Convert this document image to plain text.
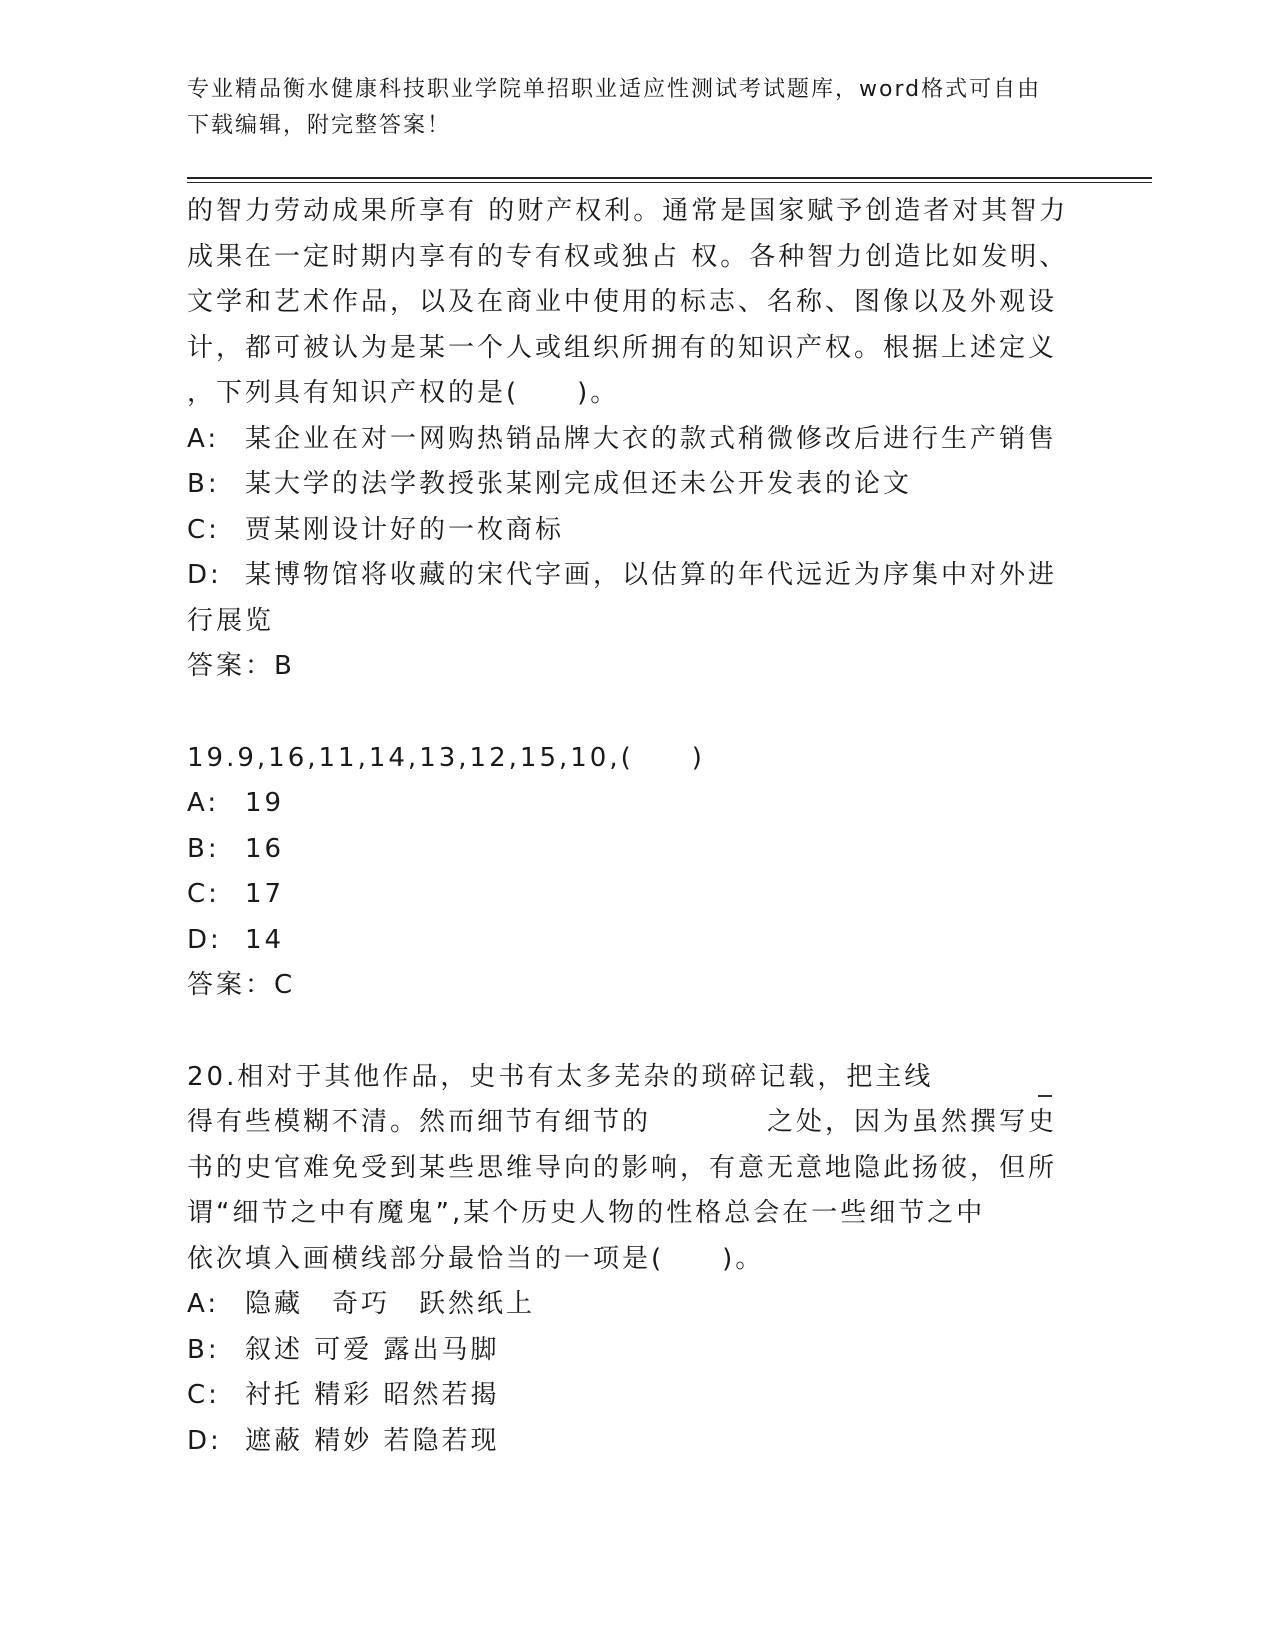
专业精品衡水健康科技职业学院单招职业适应性测试考试题库，word格式可自由
下载编辑，附完整答案！
的智力劳动成果所享有 的财产权利。通常是国家赋予创造者对其智力
成果在一定时期内享有的专有权或独占 权。各种智力创造比如发明、
文学和艺术作品，以及在商业中使用的标志、名称、图像以及外观设
计，都可被认为是某一个人或组织所拥有的知识产权。根据上述定义
，下列具有知识产权的是(　　)。
A: 某企业在对一网购热销品牌大衣的款式稍微修改后进行生产销售
B: 某大学的法学教授张某刚完成但还未公开发表的论文
C: 贾某刚设计好的一枚商标
D: 某博物馆将收藏的宋代字画，以估算的年代远近为序集中对外进
行展览
答案：B
19.9,16,11,14,13,12,15,10,(　　)
A: 19
B: 16
C: 17
D: 14
答案：C
20.相对于其他作品，史书有太多芜杂的琐碎记载，把主线
得有些模糊不清。然而细节有细节的　　　　之处，因为虽然撰写史
书的史官难免受到某些思维导向的影响，有意无意地隐此扬彼，但所
谓“细节之中有魔鬼”,某个历史人物的性格总会在一些细节之中
依次填入画横线部分最恰当的一项是(　　)。
A: 隐藏　奇巧　跃然纸上
B: 叙述 可爱 露出马脚
C: 衬托 精彩 昭然若揭
D: 遮蔽 精妙 若隐若现
